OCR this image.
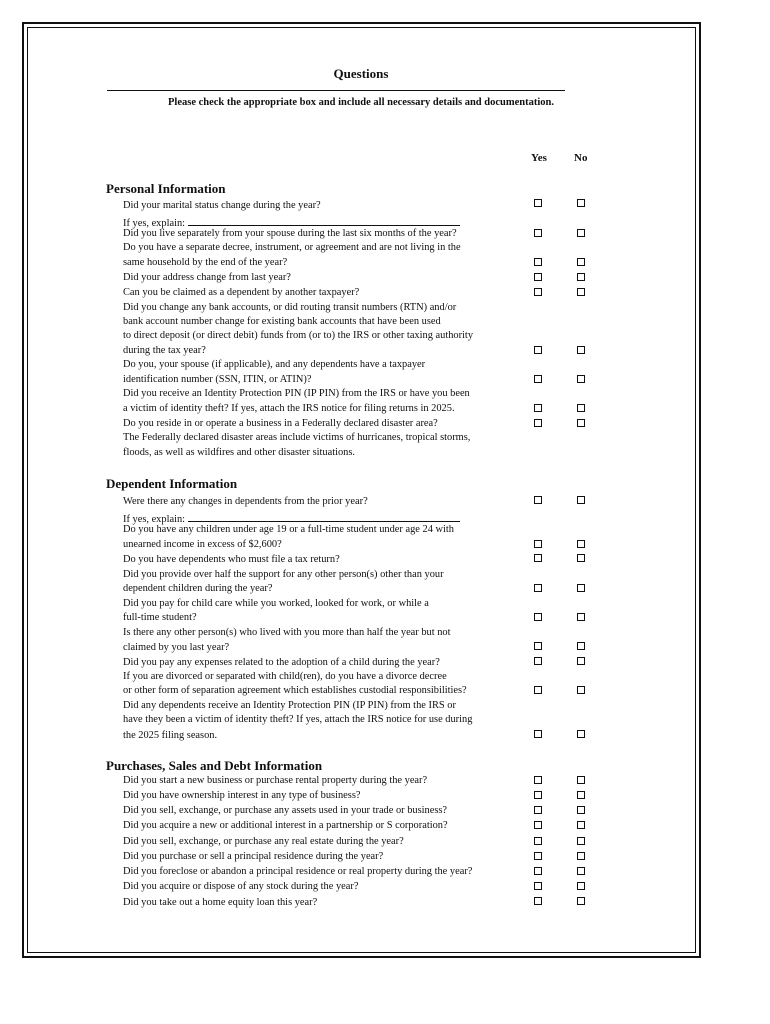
Questions
Please check the appropriate box and include all necessary details and documentation.
Yes No
Personal Information
Did your marital status change during the year?
If yes, explain:
Did you live separately from your spouse during the last six months of the year?
Do you have a separate decree, instrument, or agreement and are not living in the
same household by the end of the year?
Did your address change from last year?
Can you be claimed as a dependent by another taxpayer?
Did you change any bank accounts, or did routing transit numbers (RTN) and/or
bank account number change for existing bank accounts that have been used
to direct deposit (or direct debit) funds from (or to) the IRS or other taxing authority
during the tax year?
Do you, your spouse (if applicable), and any dependents have a taxpayer
identification number (SSN, ITIN, or ATIN)?
Did you receive an Identity Protection PIN (IP PIN) from the IRS or have you been
a victim of identity theft? If yes, attach the IRS notice for filing returns in 2025.
Do you reside in or operate a business in a Federally declared disaster area?
The Federally declared disaster areas include victims of hurricanes, tropical storms,
floods, as well as wildfires and other disaster situations.
Dependent Information
Were there any changes in dependents from the prior year?
If yes, explain:
Do you have any children under age 19 or a full-time student under age 24 with
unearned income in excess of $2,600?
Do you have dependents who must file a tax return?
Did you provide over half the support for any other person(s) other than your
dependent children during the year?
Did you pay for child care while you worked, looked for work, or while a
full-time student?
Is there any other person(s) who lived with you more than half the year but not
claimed by you last year?
Did you pay any expenses related to the adoption of a child during the year?
If you are divorced or separated with child(ren), do you have a divorce decree
or other form of separation agreement which establishes custodial responsibilities?
Did any dependents receive an Identity Protection PIN (IP PIN) from the IRS or
have they been a victim of identity theft? If yes, attach the IRS notice for use during
the 2025 filing season.
Purchases, Sales and Debt Information
Did you start a new business or purchase rental property during the year?
Did you have ownership interest in any type of business?
Did you sell, exchange, or purchase any assets used in your trade or business?
Did you acquire a new or additional interest in a partnership or S corporation?
Did you sell, exchange, or purchase any real estate during the year?
Did you purchase or sell a principal residence during the year?
Did you foreclose or abandon a principal residence or real property during the year?
Did you acquire or dispose of any stock during the year?
Did you take out a home equity loan this year?
